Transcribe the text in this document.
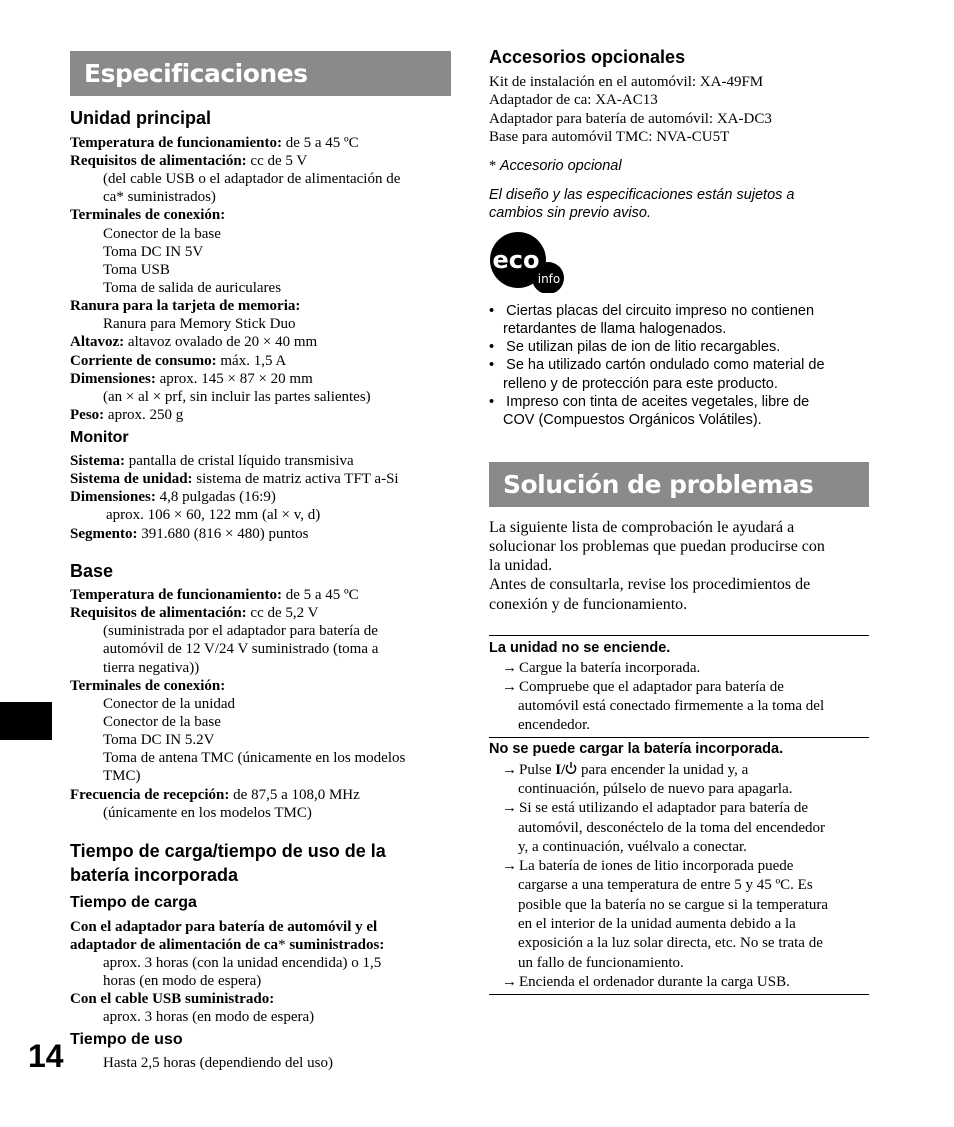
Especificaciones
Unidad principal
Temperatura de funcionamiento: de 5 a 45 ºC
Requisitos de alimentación: cc de 5 V
(del cable USB o el adaptador de alimentación de
ca* suministrados)
Terminales de conexión:
Conector de la base
Toma DC IN 5V
Toma USB
Toma de salida de auriculares
Ranura para la tarjeta de memoria:
Ranura para Memory Stick Duo
Altavoz: altavoz ovalado de 20 × 40 mm
Corriente de consumo: máx. 1,5 A
Dimensiones: aprox. 145 × 87 × 20 mm
(an × al × prf, sin incluir las partes salientes)
Peso: aprox. 250 g
Monitor
Sistema: pantalla de cristal líquido transmisiva
Sistema de unidad: sistema de matriz activa TFT a-Si
Dimensiones: 4,8 pulgadas (16:9)
aprox. 106 × 60, 122 mm (al × v, d)
Segmento: 391.680 (816 × 480) puntos
Base
Temperatura de funcionamiento: de 5 a 45 ºC
Requisitos de alimentación: cc de 5,2 V
(suministrada por el adaptador para batería de
automóvil de 12 V/24 V suministrado (toma a
tierra negativa))
Terminales de conexión:
Conector de la unidad
Conector de la base
Toma DC IN 5.2V
Toma de antena TMC (únicamente en los modelos
TMC)
Frecuencia de recepción: de 87,5 a 108,0 MHz
(únicamente en los modelos TMC)
Tiempo de carga/tiempo de uso de la
batería incorporada
Tiempo de carga
Con el adaptador para batería de automóvil y el
adaptador de alimentación de ca* suministrados:
aprox. 3 horas (con la unidad encendida) o 1,5
horas (en modo de espera)
Con el cable USB suministrado:
aprox. 3 horas (en modo de espera)
Tiempo de uso
Hasta 2,5 horas (dependiendo del uso)
14
Accesorios opcionales
Kit de instalación en el automóvil: XA-49FM
Adaptador de ca: XA-AC13
Adaptador para batería de automóvil: XA-DC3
Base para automóvil TMC: NVA-CU5T
* Accesorio opcional
El diseño y las especificaciones están sujetos a
cambios sin previo aviso.
eco
info
•   Ciertas placas del circuito impreso no contienen
retardantes de llama halogenados.
•   Se utilizan pilas de ion de litio recargables.
•   Se ha utilizado cartón ondulado como material de
relleno y de protección para este producto.
•   Impreso con tinta de aceites vegetales, libre de
COV (Compuestos Orgánicos Volátiles).
Solución de problemas
La siguiente lista de comprobación le ayudará a
solucionar los problemas que puedan producirse con
la unidad.
Antes de consultarla, revise los procedimientos de
conexión y de funcionamiento.
La unidad no se enciende.
→ Cargue la batería incorporada.
→ Compruebe que el adaptador para batería de
automóvil está conectado firmemente a la toma del
encendedor.
No se puede cargar la batería incorporada.
→ Pulse I/ para encender la unidad y, a
continuación, púlselo de nuevo para apagarla.
→ Si se está utilizando el adaptador para batería de
automóvil, desconéctelo de la toma del encendedor
y, a continuación, vuélvalo a conectar.
→ La batería de iones de litio incorporada puede
cargarse a una temperatura de entre 5 y 45 ºC. Es
posible que la batería no se cargue si la temperatura
en el interior de la unidad aumenta debido a la
exposición a la luz solar directa, etc. No se trata de
un fallo de funcionamiento.
→ Encienda el ordenador durante la carga USB.
